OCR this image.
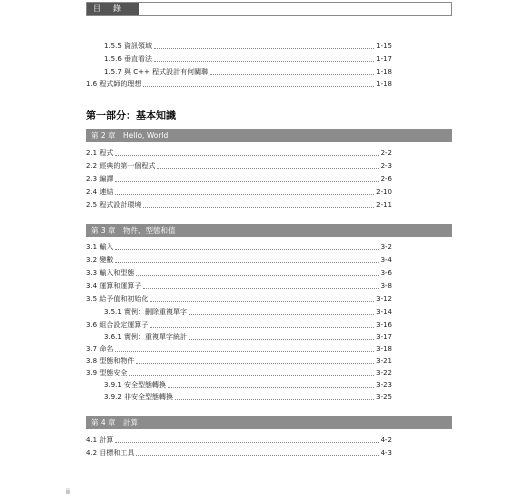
目　錄
1.5.5 資訊領域	1-15
1.5.6 垂直看法	1-17
1.5.7 與 C++ 程式設計有何關聯	1-18
1.6 程式師的理想	1-18
第一部分：基本知識
第 2 章　Hello, World
2.1 程式	2-2
2.2 經典的第一個程式	2-3
2.3 編譯	2-6
2.4 連結	2-10
2.5 程式設計環境	2-11
第 3 章　物件、型態和值
3.1 輸入	3-2
3.2 變數	3-4
3.3 輸入和型態	3-6
3.4 運算和運算子	3-8
3.5 給予值和初始化	3-12
3.5.1 實例：刪除重複單字	3-14
3.6 組合設定運算子	3-16
3.6.1 實例：重複單字統計	3-17
3.7 命名	3-18
3.8 型態和物件	3-21
3.9 型態安全	3-22
3.9.1 安全型態轉換	3-23
3.9.2 非安全型態轉換	3-25
第 4 章　計算
4.1 計算	4-2
4.2 目標和工具	4-3
ii
